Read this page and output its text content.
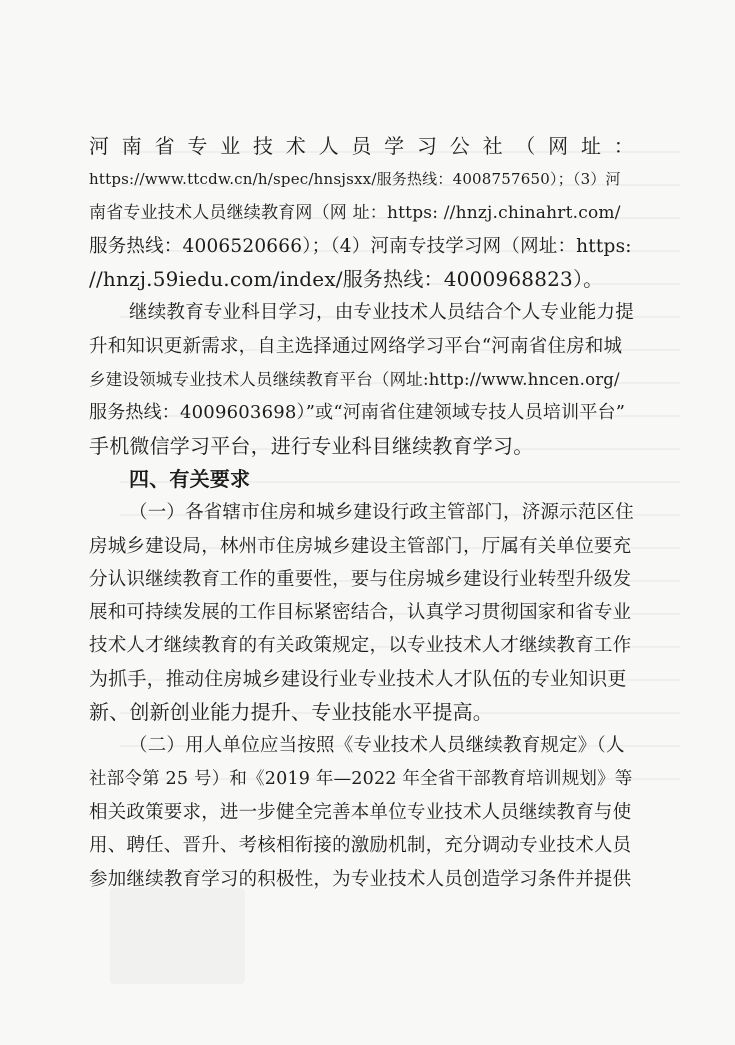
河 南 省 专 业 技 术 人 员 学 习 公 社 （ 网 址 ：
https://www.ttcdw.cn/h/spec/hnsjsxx/服务热线：4008757650）；（3）河
南省专业技术人员继续教育网（网 址：https: //hnzj.chinahrt.com/
服务热线：4006520666）；（4）河南专技学习网（网址：https:
//hnzj.59iedu.com/index/服务热线：4000968823）。
继续教育专业科目学习，由专业技术人员结合个人专业能力提
升和知识更新需求，自主选择通过网络学习平台“河南省住房和城
乡建设领城专业技术人员继续教育平台（网址:http://www.hncen.org/
服务热线：4009603698）”或“河南省住建领域专技人员培训平台”
手机微信学习平台，进行专业科目继续教育学习。
四、有关要求
（一）各省辖市住房和城乡建设行政主管部门，济源示范区住
房城乡建设局，林州市住房城乡建设主管部门，厅属有关单位要充
分认识继续教育工作的重要性，要与住房城乡建设行业转型升级发
展和可持续发展的工作目标紧密结合，认真学习贯彻国家和省专业
技术人才继续教育的有关政策规定，以专业技术人才继续教育工作
为抓手，推动住房城乡建设行业专业技术人才队伍的专业知识更
新、创新创业能力提升、专业技能水平提高。
（二）用人单位应当按照《专业技术人员继续教育规定》（人
社部令第 25 号）和《2019 年—2022 年全省干部教育培训规划》等
相关政策要求，进一步健全完善本单位专业技术人员继续教育与使
用、聘任、晋升、考核相衔接的激励机制，充分调动专业技术人员
参加继续教育学习的积极性，为专业技术人员创造学习条件并提供
